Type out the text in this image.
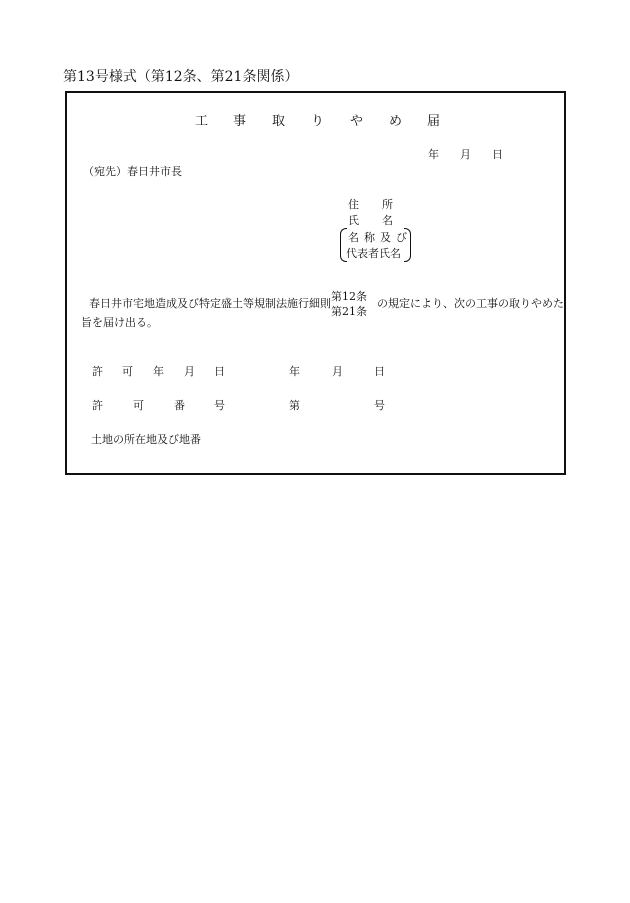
第13号様式（第12条、第21条関係）
工 事 取 り や め 届
年 月 日
（宛先）春日井市長
住 所
氏 名
名 称 及 び
代表者氏名
春日井市宅地造成及び特定盛土等規制法施行細則
第12条
第21条
の規定により、次の工事の取りやめた
旨を届け出る。
許 可 年 月 日	年	月	日
許	可	番	号	第	号
土地の所在地及び地番
